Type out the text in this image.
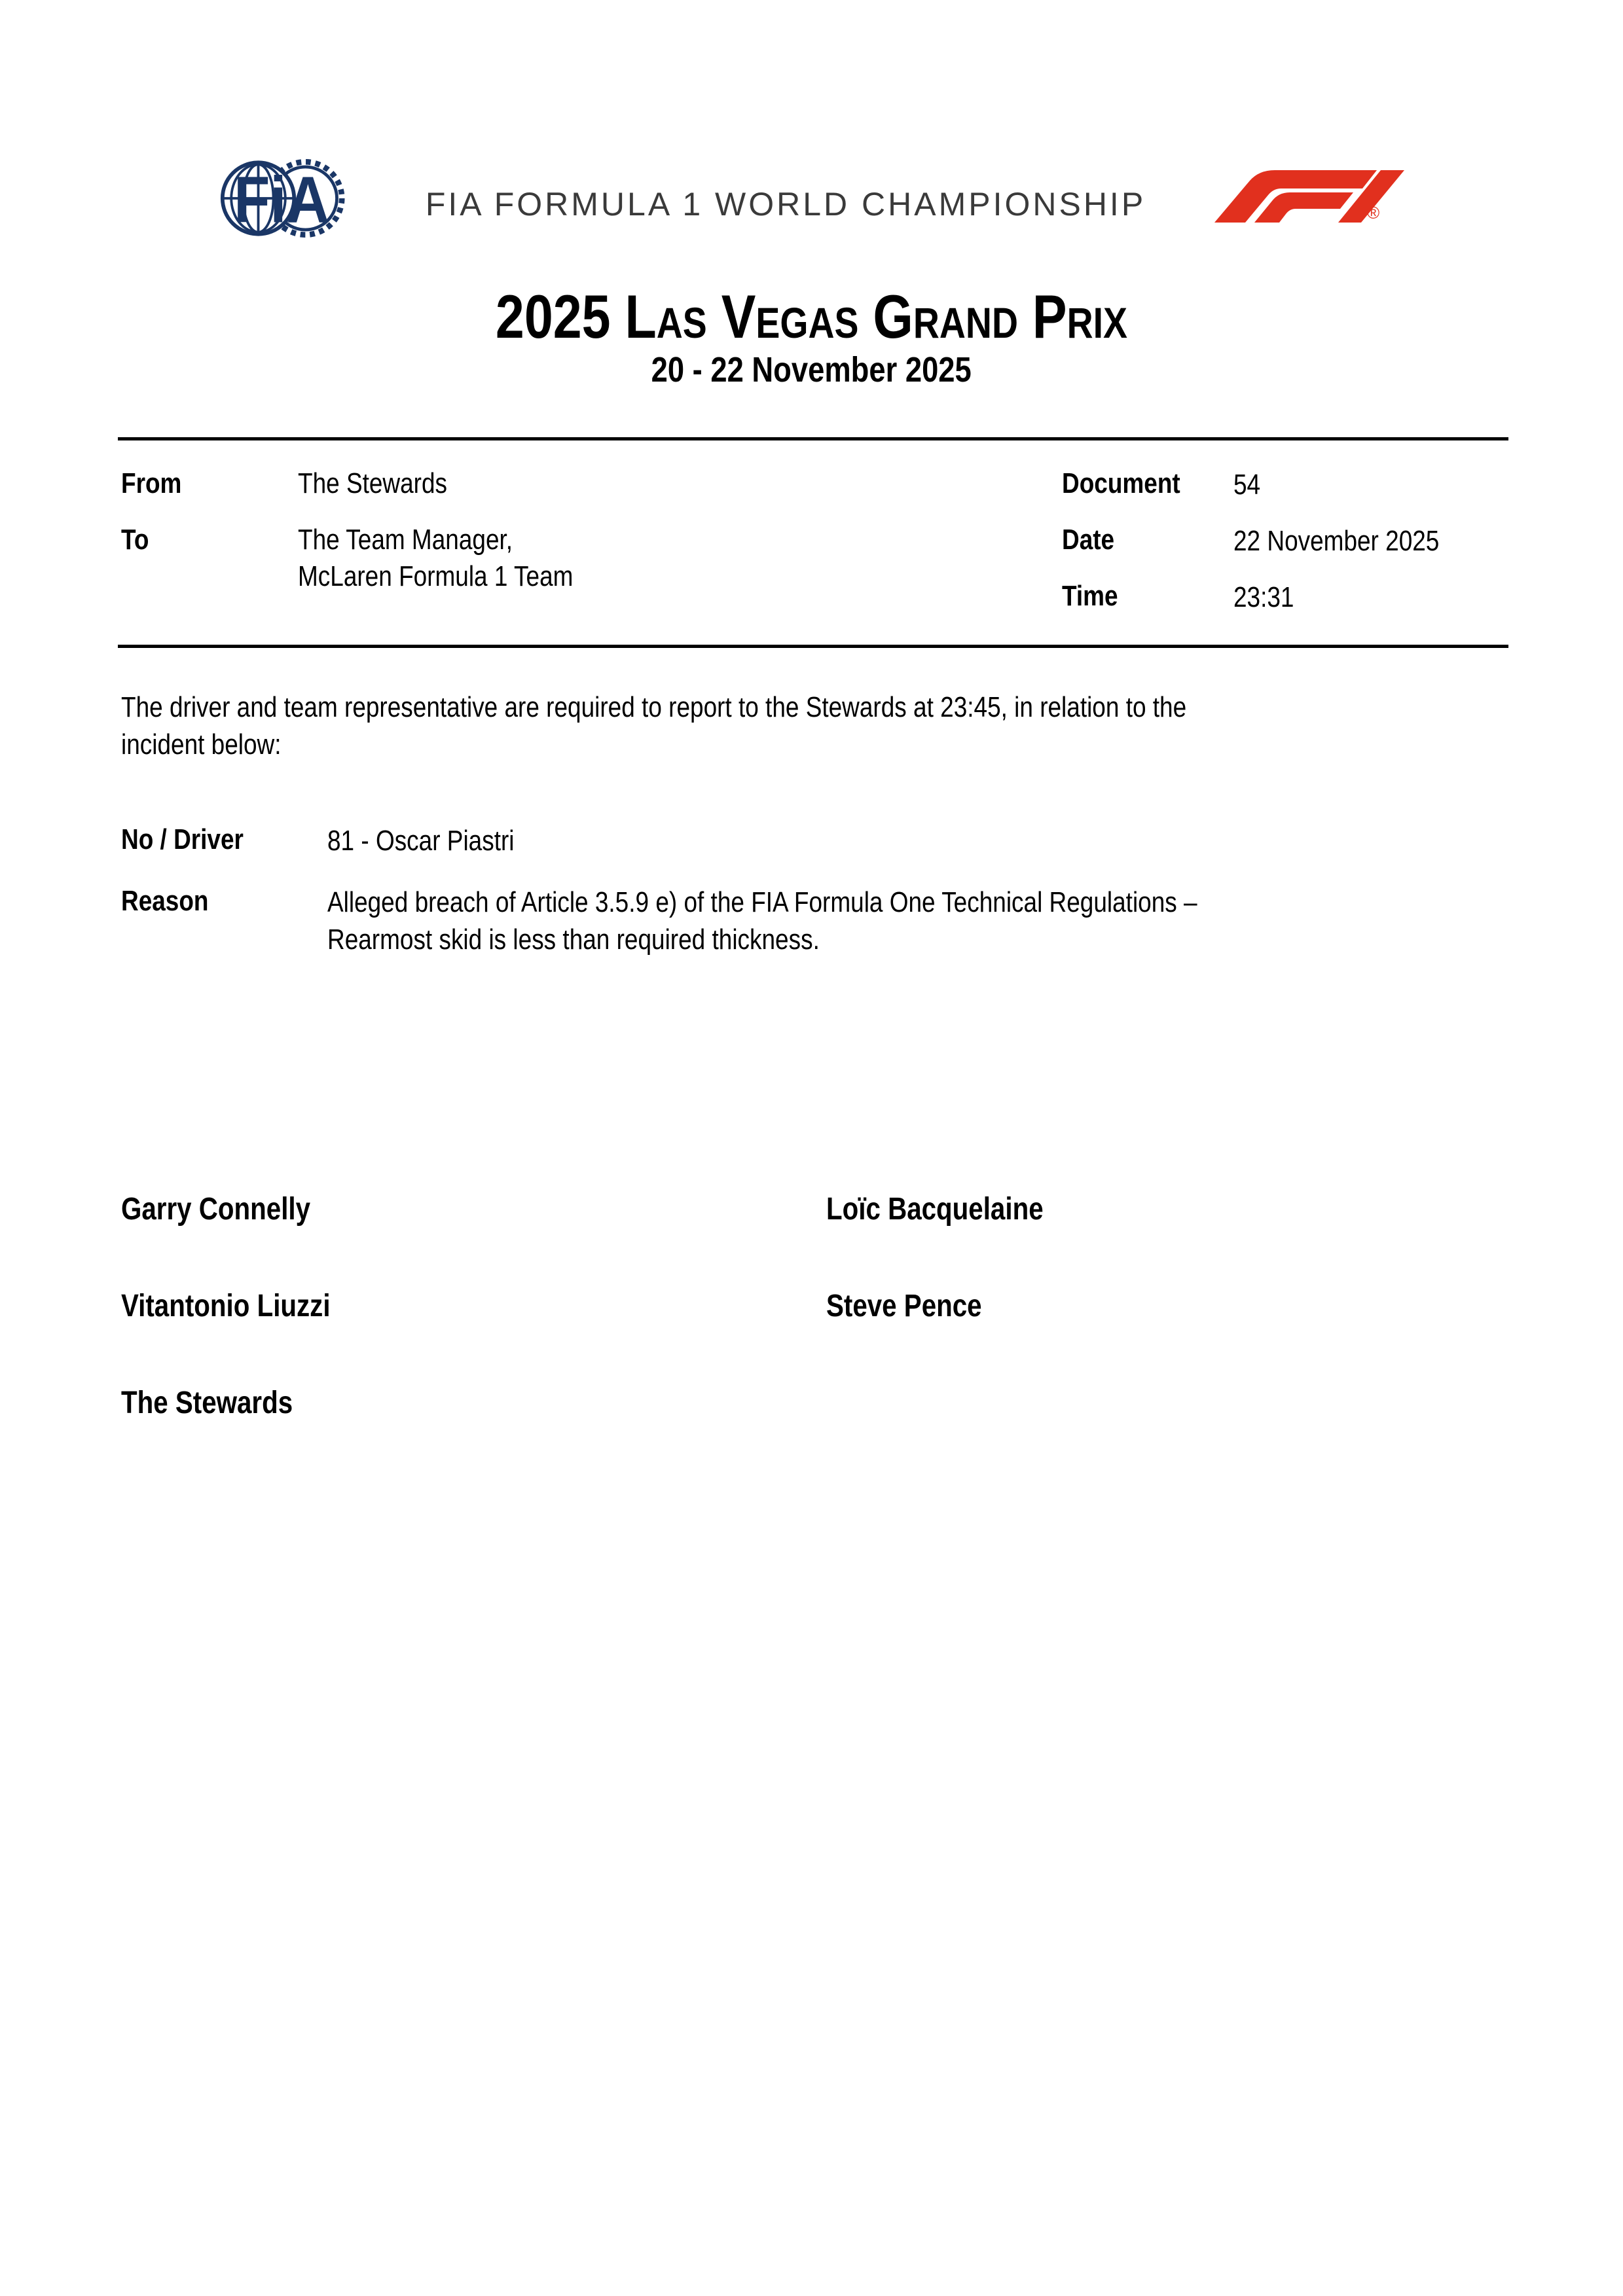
FiA	FIA FORMULA 1 WORLD CHAMPIONSHIP	®
2025 Las Vegas Grand Prix
20 - 22 November 2025
From	The Stewards
To	The Team Manager,
McLaren Formula 1 Team
Document	54
Date	22 November 2025
Time	23:31
The driver and team representative are required to report to the Stewards at 23:45, in relation to the
incident below:
No / Driver	81 - Oscar Piastri
Reason	Alleged breach of Article 3.5.9 e) of the FIA Formula One Technical Regulations –
Rearmost skid is less than required thickness.
Garry Connelly	Loïc Bacquelaine
Vitantonio Liuzzi	Steve Pence
The Stewards
